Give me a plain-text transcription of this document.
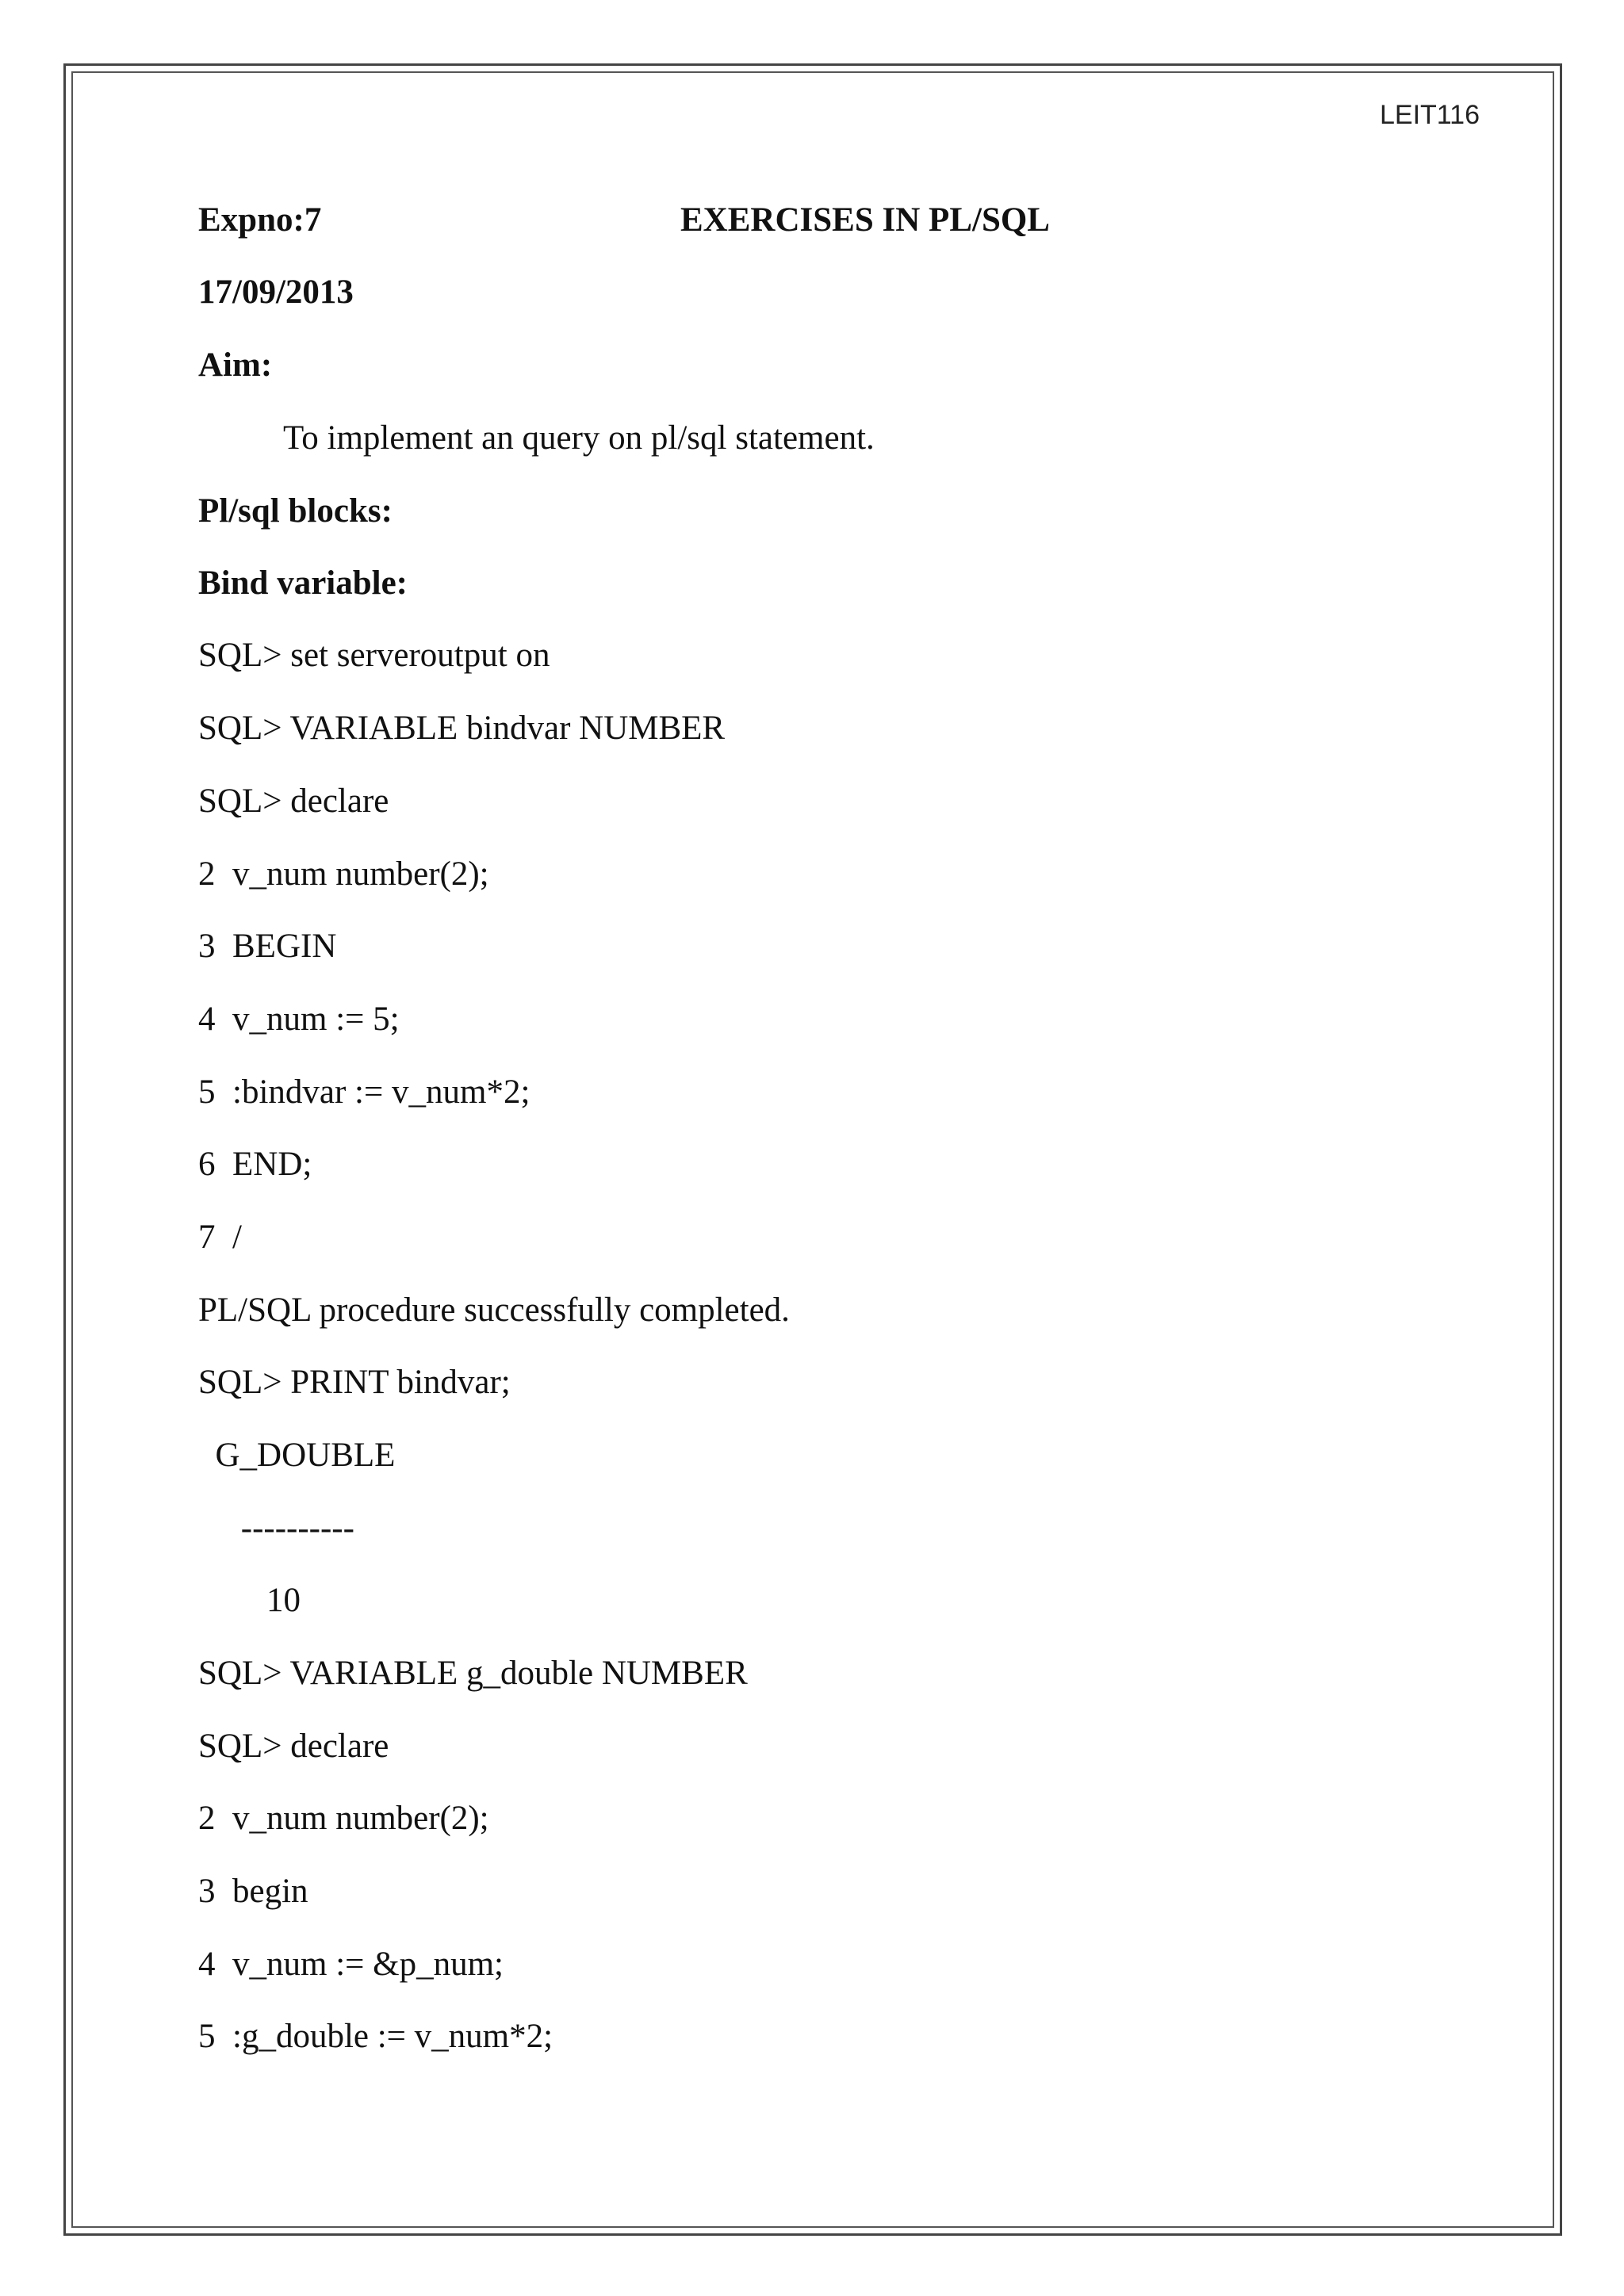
LEIT116
Expno:7	EXERCISES IN PL/SQL
17/09/2013
Aim:
To implement an query on pl/sql statement.
Pl/sql blocks:
Bind variable:
SQL> set serveroutput on
SQL> VARIABLE bindvar NUMBER
SQL> declare
2  v_num number(2);
3  BEGIN
4  v_num := 5;
5  :bindvar := v_num*2;
6  END;
7  /
PL/SQL procedure successfully completed.
SQL> PRINT bindvar;
G_DOUBLE
----------
10
SQL> VARIABLE g_double NUMBER
SQL> declare
2  v_num number(2);
3  begin
4  v_num := &p_num;
5  :g_double := v_num*2;
